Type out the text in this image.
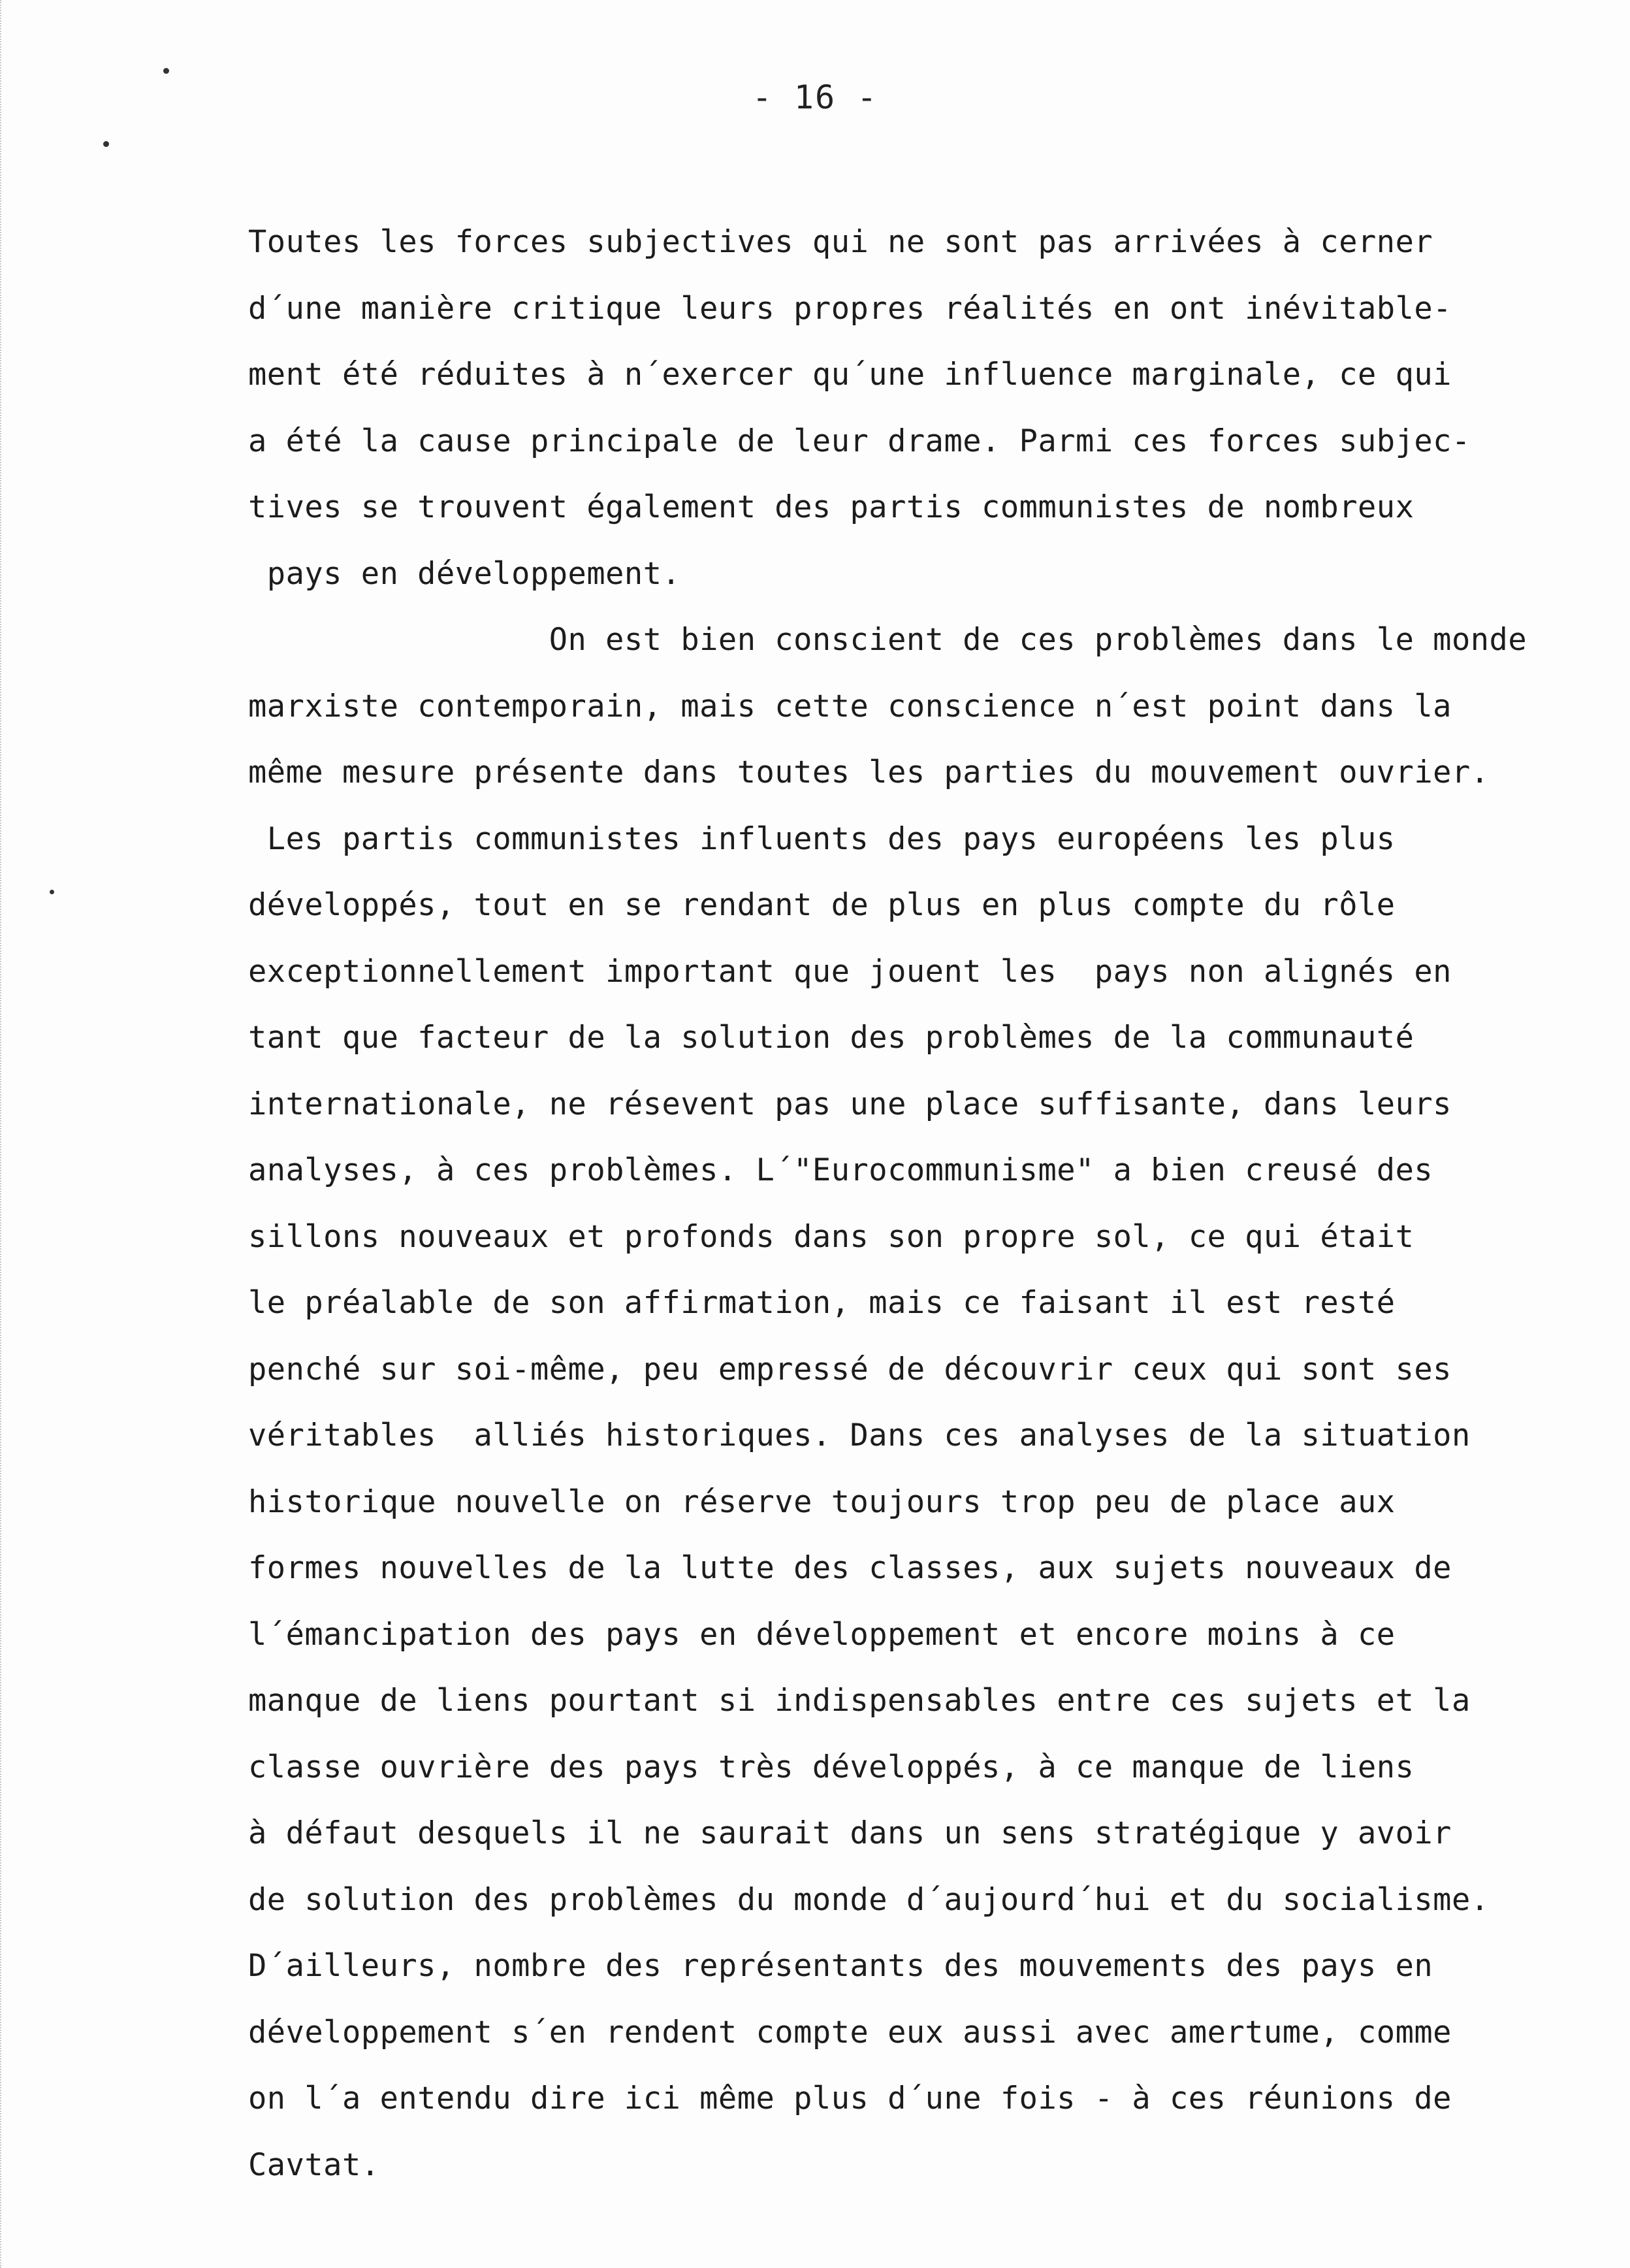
- 16 -
Toutes les forces subjectives qui ne sont pas arrivées à cerner
d´une manière critique leurs propres réalités en ont inévitable-
ment été réduites à n´exercer qu´une influence marginale, ce qui
a été la cause principale de leur drame. Parmi ces forces subjec-
tives se trouvent également des partis communistes de nombreux
pays en développement.
On est bien conscient de ces problèmes dans le monde
marxiste contemporain, mais cette conscience n´est point dans la
même mesure présente dans toutes les parties du mouvement ouvrier.
Les partis communistes influents des pays européens les plus
développés, tout en se rendant de plus en plus compte du rôle
exceptionnellement important que jouent les  pays non alignés en
tant que facteur de la solution des problèmes de la communauté
internationale, ne résevent pas une place suffisante, dans leurs
analyses, à ces problèmes. L´"Eurocommunisme" a bien creusé des
sillons nouveaux et profonds dans son propre sol, ce qui était
le préalable de son affirmation, mais ce faisant il est resté
penché sur soi-même, peu empressé de découvrir ceux qui sont ses
véritables  alliés historiques. Dans ces analyses de la situation
historique nouvelle on réserve toujours trop peu de place aux
formes nouvelles de la lutte des classes, aux sujets nouveaux de
l´émancipation des pays en développement et encore moins à ce
manque de liens pourtant si indispensables entre ces sujets et la
classe ouvrière des pays très développés, à ce manque de liens
à défaut desquels il ne saurait dans un sens stratégique y avoir
de solution des problèmes du monde d´aujourd´hui et du socialisme.
D´ailleurs, nombre des représentants des mouvements des pays en
développement s´en rendent compte eux aussi avec amertume, comme
on l´a entendu dire ici même plus d´une fois - à ces réunions de
Cavtat.
